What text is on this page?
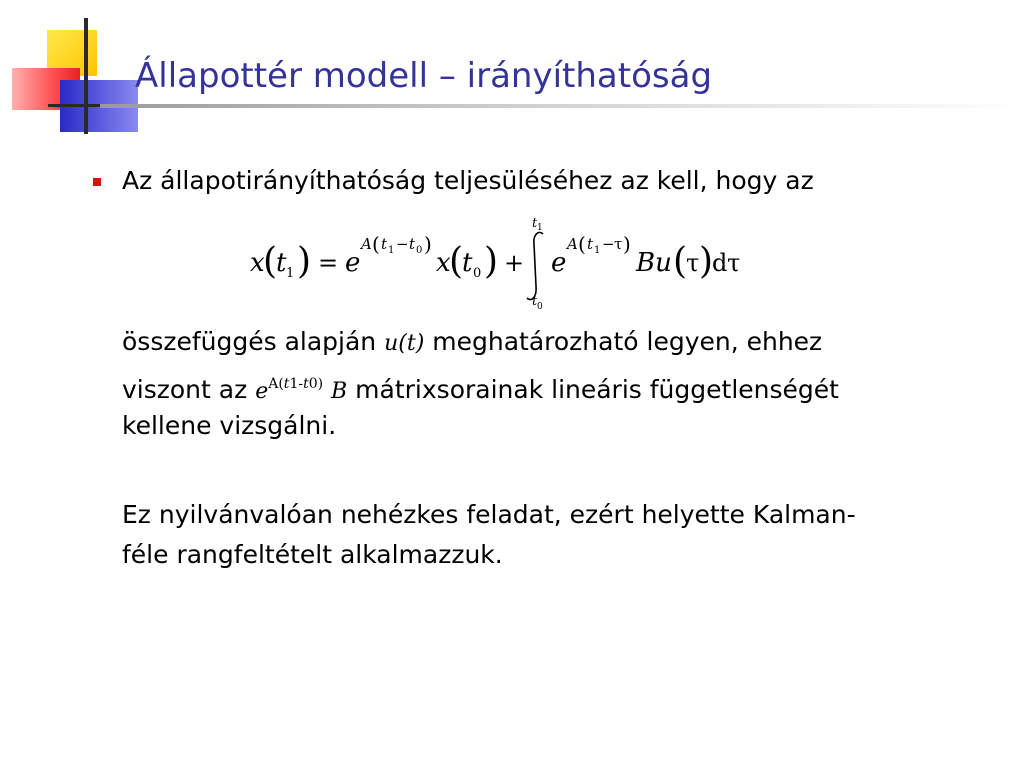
Állapottér modell – irányíthatóság
Az állapotirányíthatóság teljesüléséhez az kell, hogy az
x
(
t 1 ) = e
A ( t 1 − t 0 )
x
(
t 0 ) +
t 1
t 0
e
A ( t 1 − τ )
Bu (
τ )
d τ
összefüggés alapján u(t) meghatározható legyen, ehhez
viszont az $e^{A(t1-t0)}$ B mátrixsorainak lineáris függetlenségét
kellene vizsgálni.
Ez nyilvánvalóan nehézkes feladat, ezért helyette Kalman-
féle rangfeltételt alkalmazzuk.
